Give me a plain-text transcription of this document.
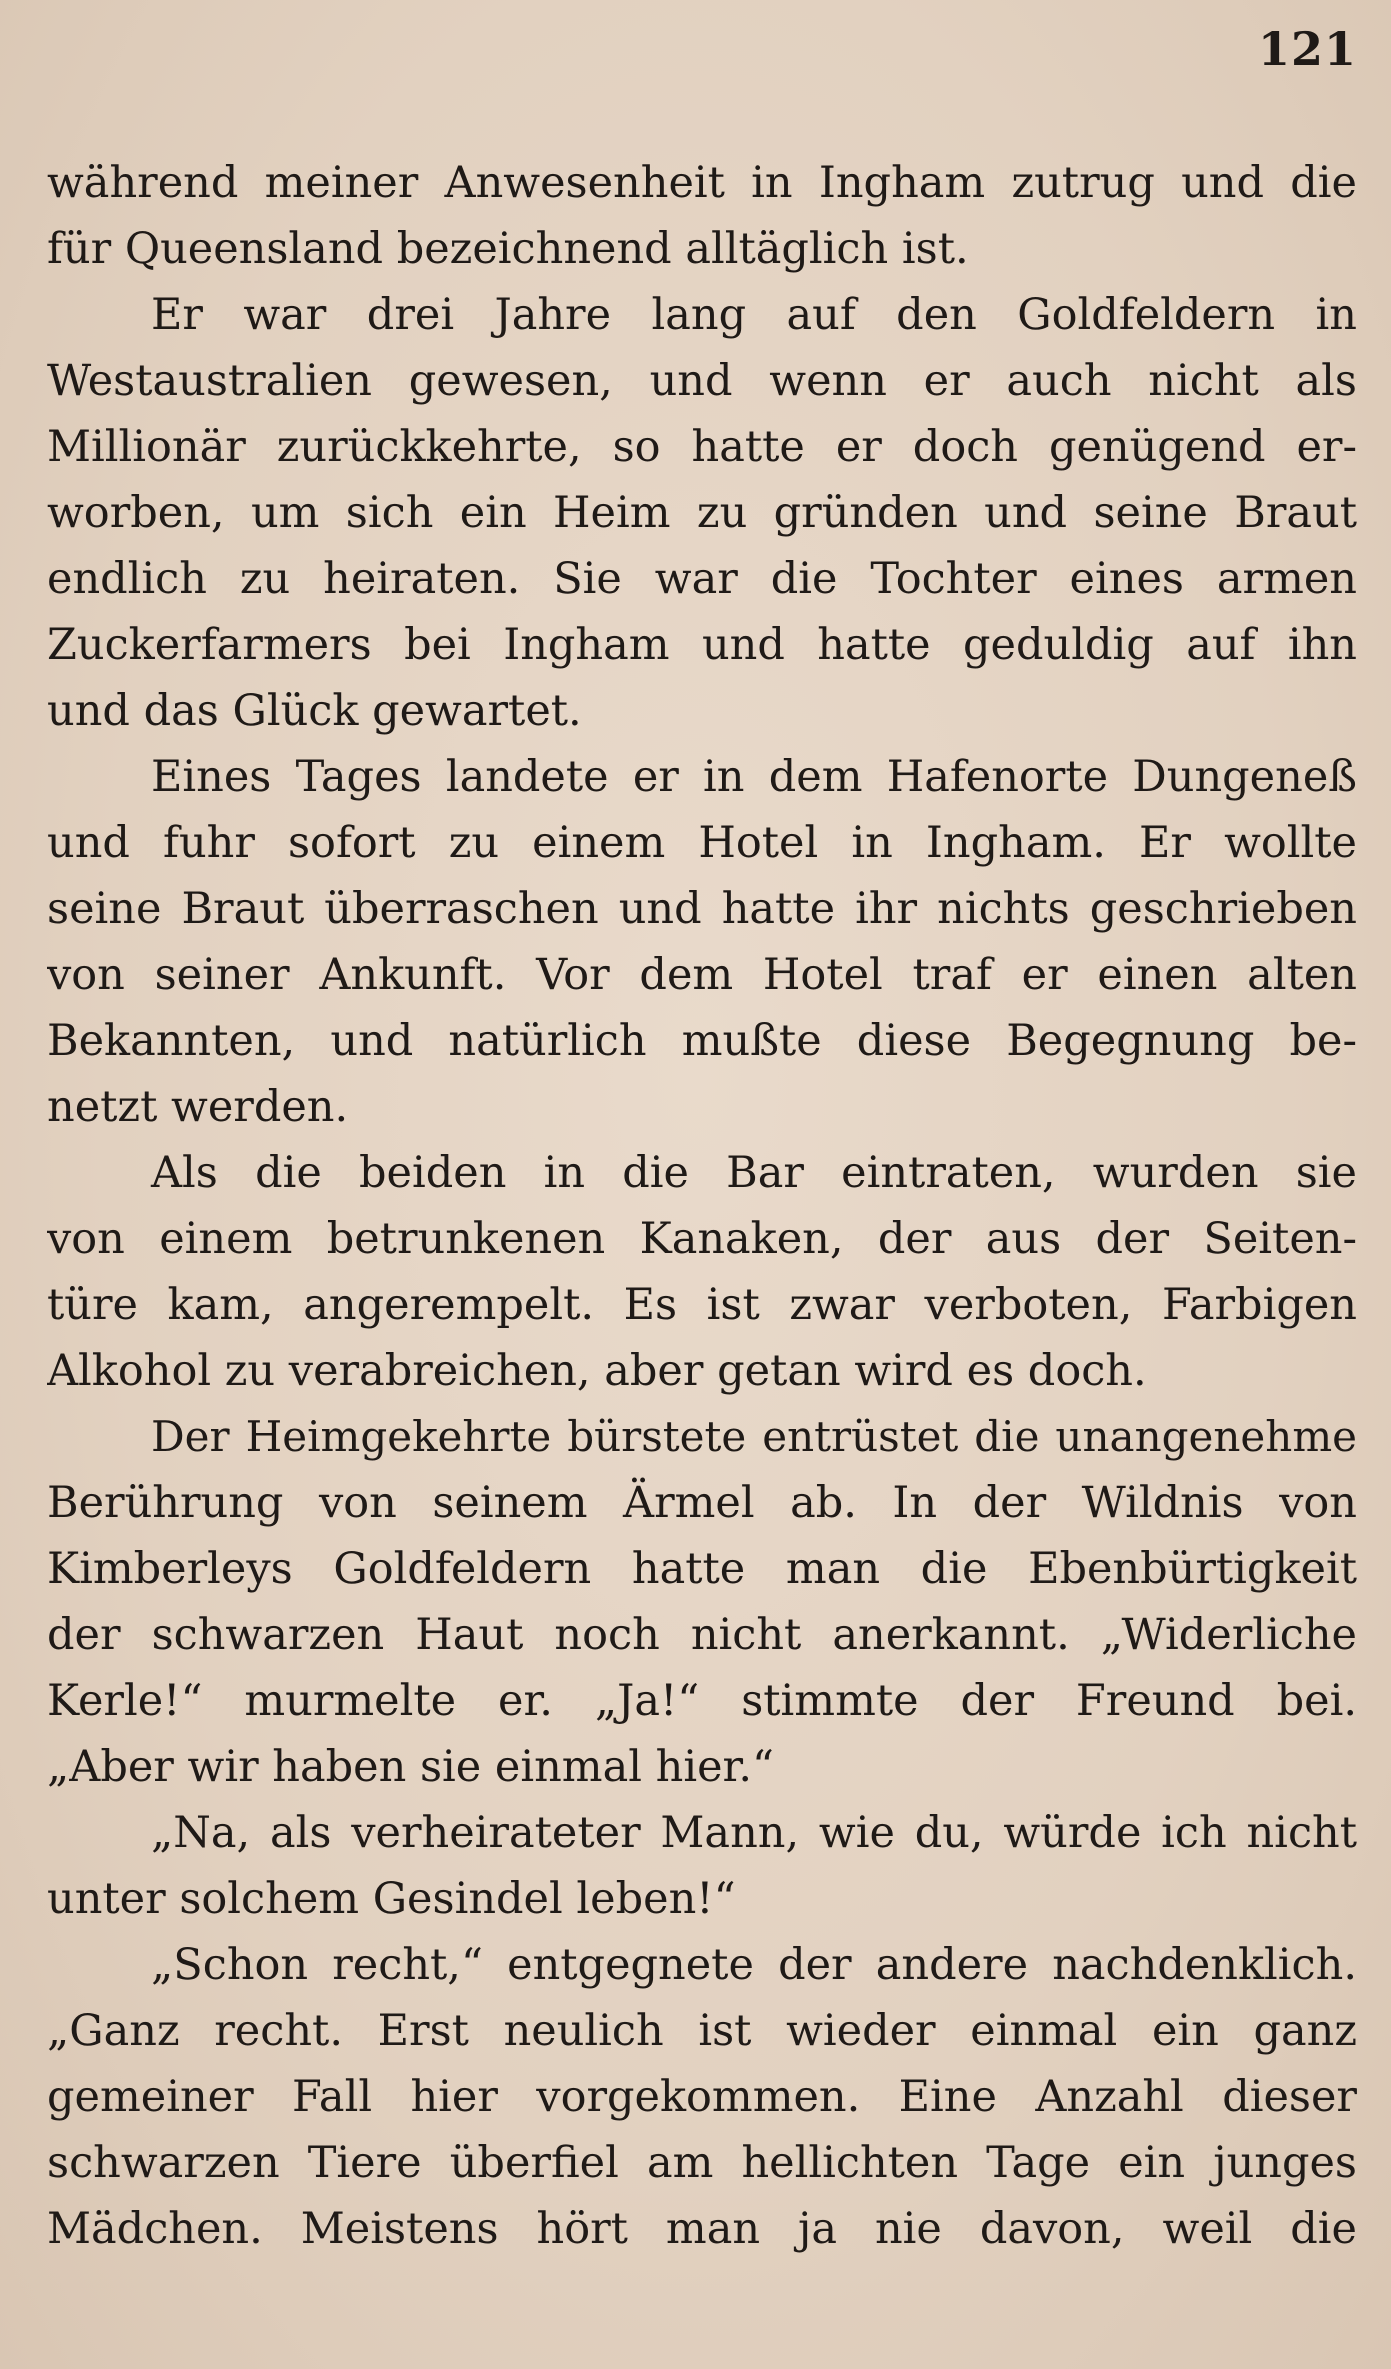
121
während meiner Anwesenheit in Ingham zutrug und die
für Queensland bezeichnend alltäglich ist.
Er war drei Jahre lang auf den Goldfeldern in
Westaustralien gewesen, und wenn er auch nicht als
Millionär zurückkehrte, so hatte er doch genügend er-
worben, um sich ein Heim zu gründen und seine Braut
endlich zu heiraten. Sie war die Tochter eines armen
Zuckerfarmers bei Ingham und hatte geduldig auf ihn
und das Glück gewartet.
Eines Tages landete er in dem Hafenorte Dungeneß
und fuhr sofort zu einem Hotel in Ingham. Er wollte
seine Braut überraschen und hatte ihr nichts geschrieben
von seiner Ankunft. Vor dem Hotel traf er einen alten
Bekannten, und natürlich mußte diese Begegnung be-
netzt werden.
Als die beiden in die Bar eintraten, wurden sie
von einem betrunkenen Kanaken, der aus der Seiten-
türe kam, angerempelt. Es ist zwar verboten, Farbigen
Alkohol zu verabreichen, aber getan wird es doch.
Der Heimgekehrte bürstete entrüstet die unangenehme
Berührung von seinem Ärmel ab. In der Wildnis von
Kimberleys Goldfeldern hatte man die Ebenbürtigkeit
der schwarzen Haut noch nicht anerkannt. „Widerliche
Kerle!“ murmelte er. „Ja!“ stimmte der Freund bei.
„Aber wir haben sie einmal hier.“
„Na, als verheirateter Mann, wie du, würde ich nicht
unter solchem Gesindel leben!“
„Schon recht,“ entgegnete der andere nachdenklich.
„Ganz recht. Erst neulich ist wieder einmal ein ganz
gemeiner Fall hier vorgekommen. Eine Anzahl dieser
schwarzen Tiere überfiel am hellichten Tage ein junges
Mädchen. Meistens hört man ja nie davon, weil die
